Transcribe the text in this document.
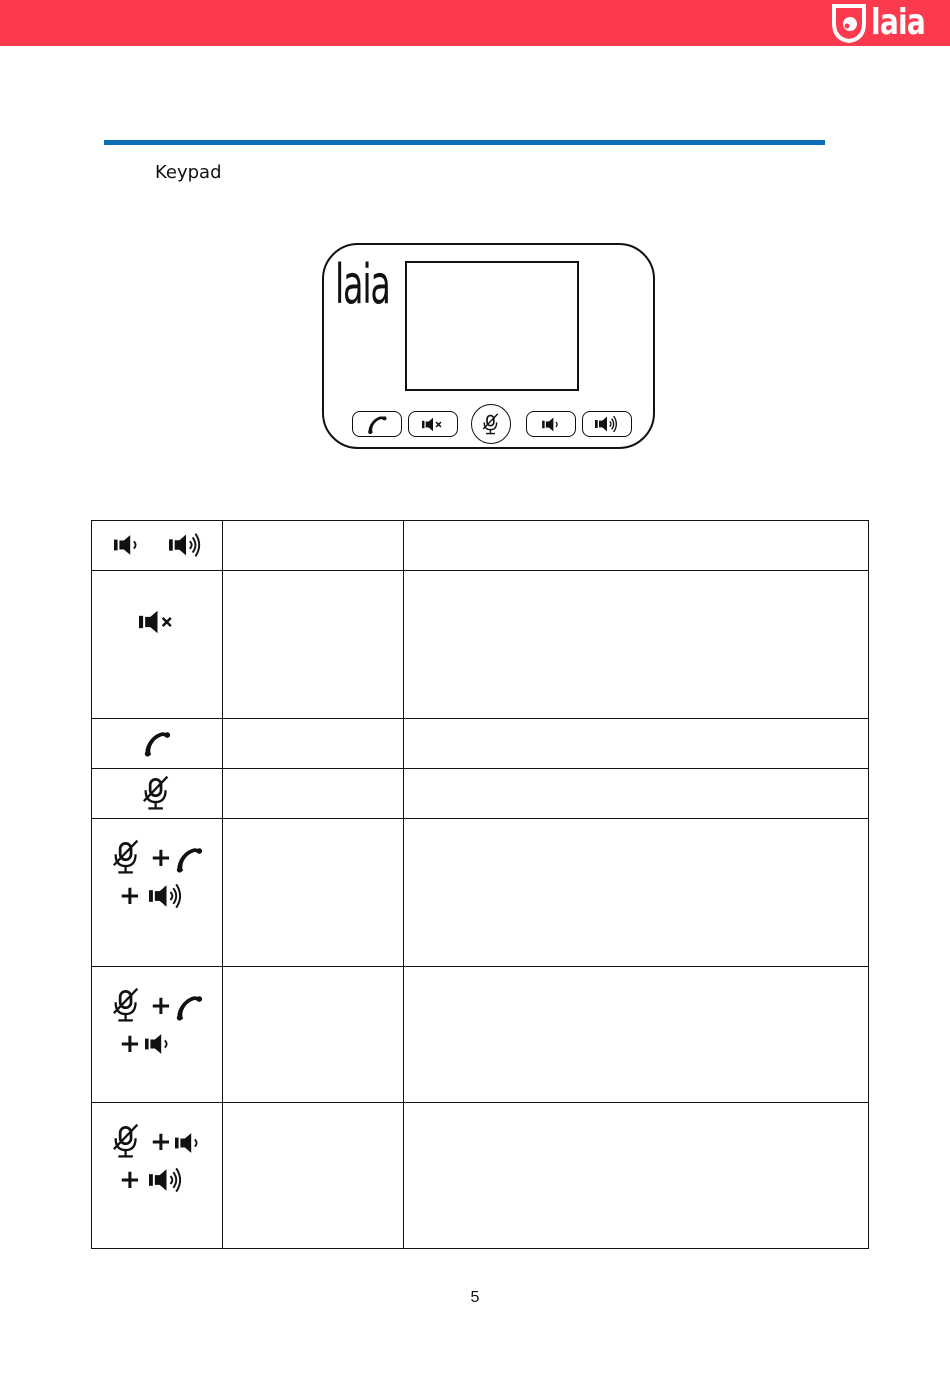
laia
Keypad
laia

+
+		

+
+		

+
+		

5
